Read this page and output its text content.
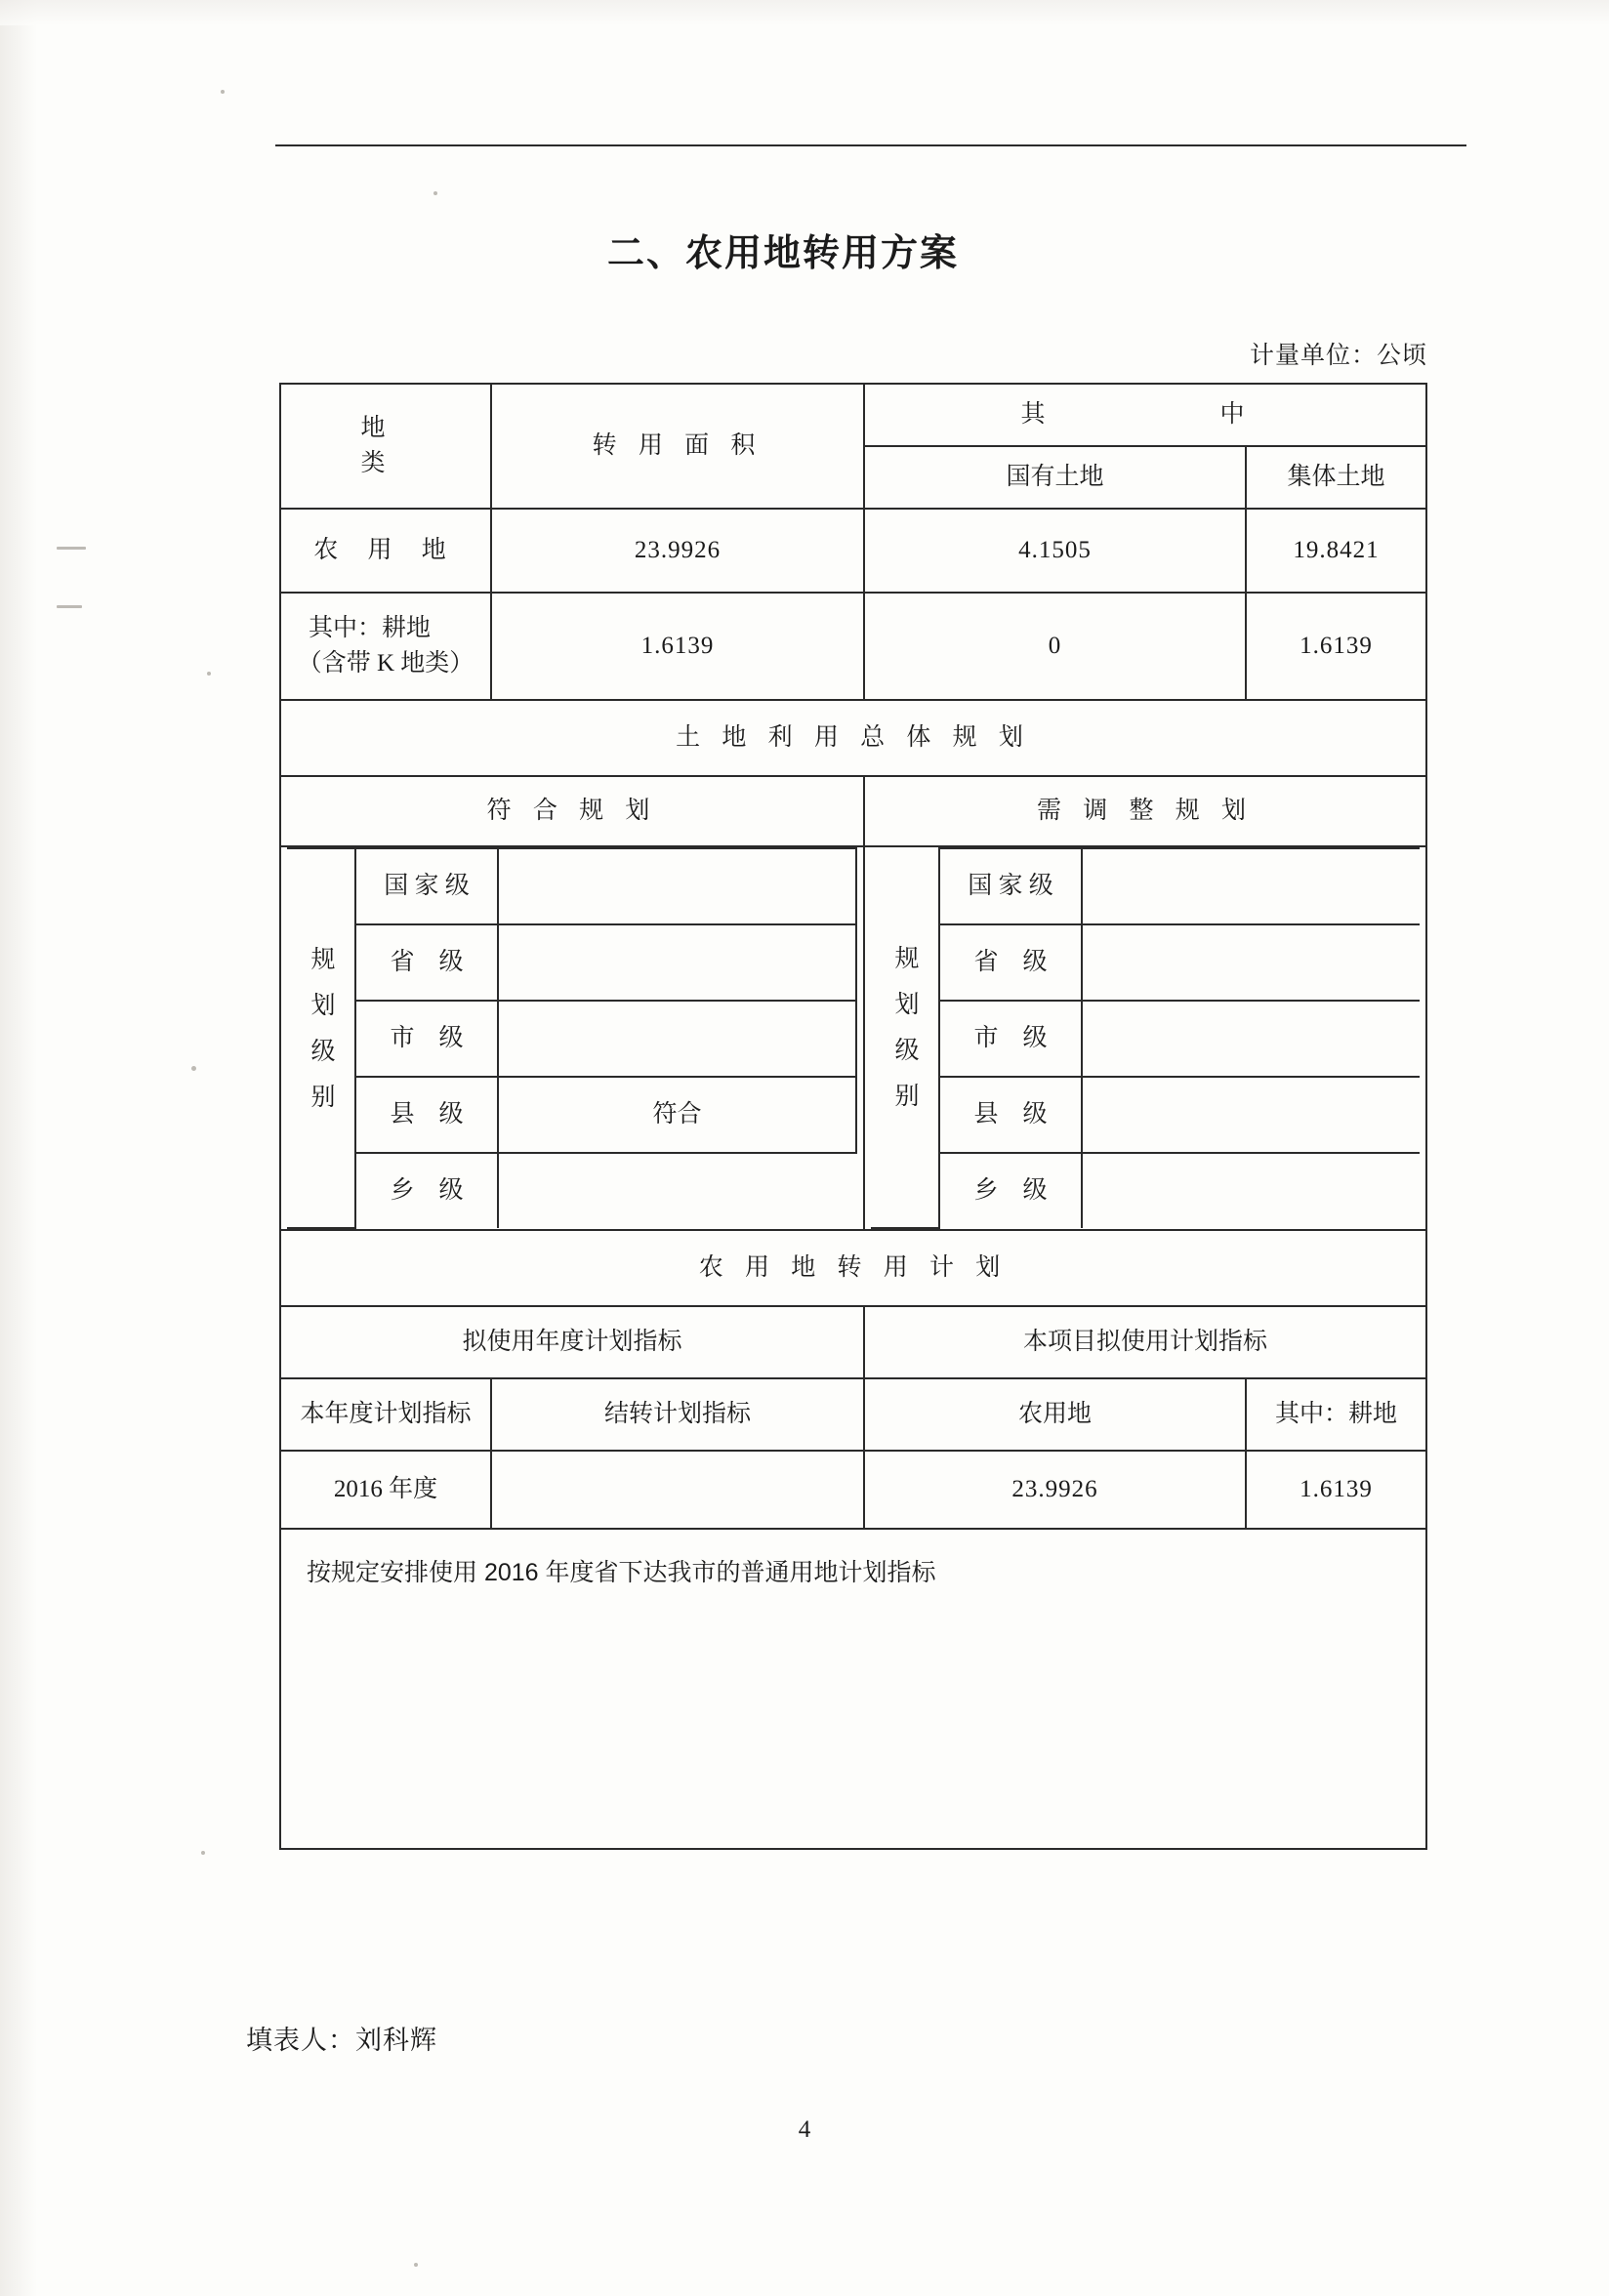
二、农用地转用方案
计量单位：公顷
地　　类	转 用 面 积	其　　　中
国有土地	集体土地
农 用 地	23.9926	4.1505	19.8421

其中：耕地
（含带 K 地类）
	1.6139	0	1.6139
土 地 利 用 总 体 规 划
符 合 规 划	需 调 整 规 划

规划级别	国 家 级	
省　级	
市　级	
县　级	符合
乡　级	

规划级别	国 家 级	
省　级	
市　级	
县　级	
乡　级	

农 用 地 转 用 计 划
拟使用年度计划指标	本项目拟使用计划指标
本年度计划指标	结转计划指标	农用地	其中：耕地
2016 年度		23.9926	1.6139
按规定安排使用 2016 年度省下达我市的普通用地计划指标
填表人：刘科辉
4
